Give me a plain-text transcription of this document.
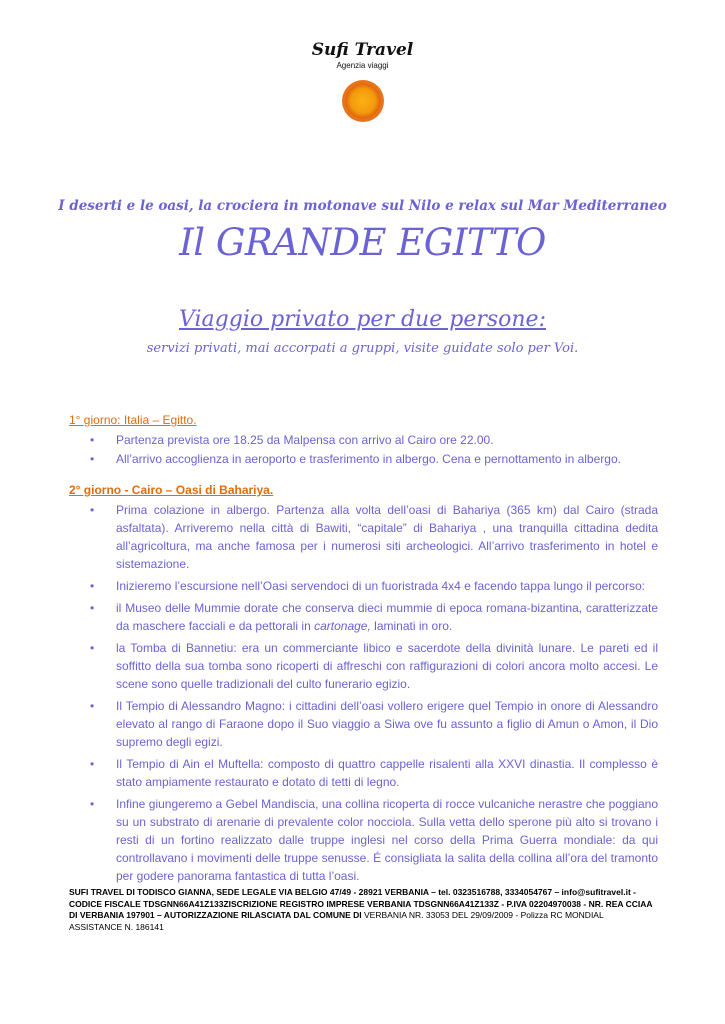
Sufi Travel
Agenzia viaggi
I deserti e le oasi, la crociera in motonave sul Nilo e relax sul Mar Mediterraneo
Il GRANDE EGITTO
Viaggio privato per due persone:
servizi privati, mai accorpati a gruppi, visite guidate solo per Voi.
1° giorno: Italia – Egitto.
• Partenza prevista ore 18.25 da Malpensa con arrivo al Cairo ore 22.00.
• All’arrivo accoglienza in aeroporto e trasferimento in albergo. Cena e pernottamento in albergo.
2° giorno - Cairo – Oasi di Bahariya.
• Prima colazione in albergo. Partenza alla volta dell’oasi di Bahariya (365 km) dal Cairo (strada asfaltata). Arriveremo nella città di Bawiti, “capitale” di Bahariya , una tranquilla cittadina dedita all’agricoltura, ma anche famosa per i numerosi siti archeologici. All’arrivo trasferimento in hotel e sistemazione.
• Inizieremo l’escursione nell’Oasi servendoci di un fuoristrada 4x4 e facendo tappa lungo il percorso:
• il Museo delle Mummie dorate che conserva dieci mummie di epoca romana-bizantina, caratterizzate da maschere facciali e da pettorali in cartonage, laminati in oro.
• la Tomba di Bannetiu: era un commerciante libico e sacerdote della divinità lunare. Le pareti ed il soffitto della sua tomba sono ricoperti di affreschi con raffigurazioni di colori ancora molto accesi. Le scene sono quelle tradizionali del culto funerario egizio.
• Il Tempio di Alessandro Magno: i cittadini dell’oasi vollero erigere quel Tempio in onore di Alessandro elevato al rango di Faraone dopo il Suo viaggio a Siwa ove fu assunto a figlio di Amun o Amon, il Dio supremo degli egizi.
• Il Tempio di Ain el Muftella: composto di quattro cappelle risalenti alla XXVI dinastia. Il complesso è stato ampiamente restaurato e dotato di tetti di legno.
• Infine giungeremo a Gebel Mandiscia, una collina ricoperta di rocce vulcaniche nerastre che poggiano su un substrato di arenarie di prevalente color nocciola. Sulla vetta dello sperone più alto si trovano i resti di un fortino realizzato dalle truppe inglesi nel corso della Prima Guerra mondiale: da qui controllavano i movimenti delle truppe senusse. É consigliata la salita della collina all’ora del tramonto per godere panorama fantastica di tutta l’oasi.
SUFI TRAVEL DI TODISCO GIANNA, SEDE LEGALE VIA BELGIO 47/49 - 28921 VERBANIA – tel. 0323516788, 3334054767 – info@sufitravel.it - CODICE FISCALE TDSGNN66A41Z133ZISCRIZIONE REGISTRO IMPRESE VERBANIA TDSGNN66A41Z133Z - P.IVA 02204970038 - NR. REA CCIAA DI VERBANIA 197901 – AUTORIZZAZIONE RILASCIATA DAL COMUNE DI VERBANIA NR. 33053 DEL 29/09/2009 - Polizza RC MONDIAL ASSISTANCE N. 186141
